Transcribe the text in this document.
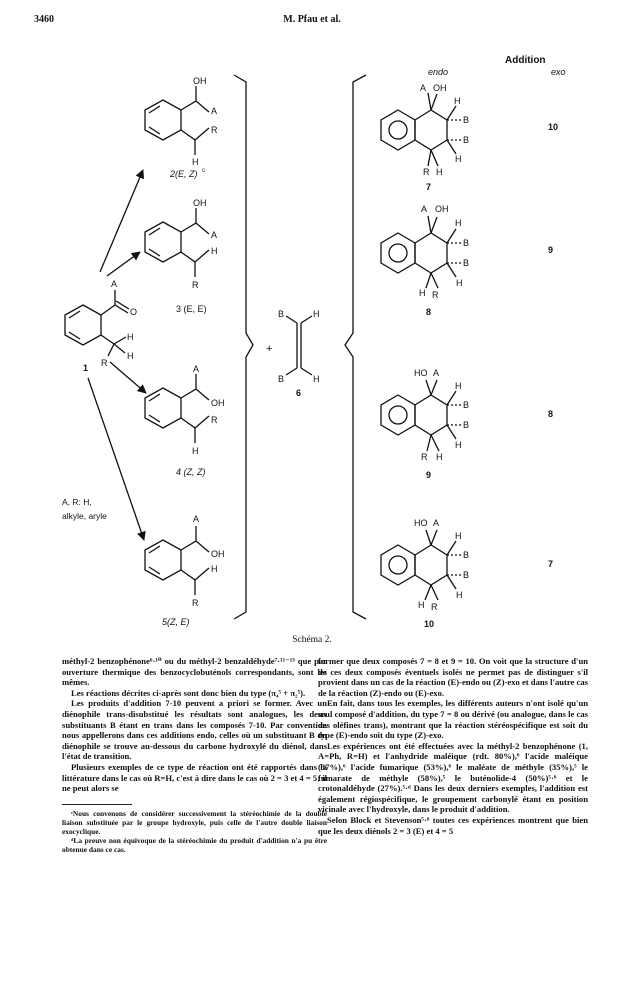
3460	M. Pfau et al.
OH
A
R
H
2(E, Z) c
OH
A
H
R
3 (E, E)
A
O
H
H
R
1	A
OH
R
H
4 (Z, Z)
A
OH
H
R
5(Z, E)
A, R: H,
alkyle, aryle
+
B	H
B	H
6
Addition
endo	exo
A OH
H
B
B
H
R H
7
10
A OH
H
B
B
H
H R
8
9
HO A
H
B
B
H
R H
9
8
HO A
H
B
B
H
H R
10
7
Schéma 2.

méthyl-2 benzophénone⁶·¹⁰ ou du méthyl-2 benzaldéhyde⁷·¹¹⁻¹³ que par ouverture thermique des benzocyclobuténols correspondants, sont les mêmes.

Les réactions décrites ci-après sont donc bien du type (π₄⁵ + π₂⁵).

Les produits d'addition 7-10 peuvent a priori se former. Avec un diénophile trans-disubstitué les résultats sont analogues, les deux substituants B étant en trans dans les composés 7-10. Par convention nous appellerons dans ces additions endo, celles où un substituant B du diénophile se trouve au-dessous du carbone hydroxylé du diénol, dans l'état de transition.

Plusieurs exemples de ce type de réaction ont été rapportés dans la littérature dans le cas où R=H, c'est à dire dans le cas où 2 = 3 et 4 = 5; il ne peut alors se

ᶜNous convenons de considérer successivement la stéréochimie de la double liaison substituée par le groupe hydroxyle, puis celle de l'autre double liaison exocyclique.

ᵈLa preuve non équivoque de la stéréochimie du produit d'addition n'a pu être obtenue dans ce cas.

former que deux composés 7 = 8 et 9 = 10. On voit que la structure d'un de ces deux composés éventuels isolés ne permet pas de distinguer s'il provient dans un cas de la réaction (E)-endo ou (Z)-exo et dans l'autre cas de la réaction (Z)-endo ou (E)-exo.

En fait, dans tous les exemples, les différents auteurs n'ont isolé qu'un seul composé d'addition, du type 7 = 8 ou dérivé (ou analogue, dans le cas des oléfines trans), montrant que la réaction stéréospécifique est soit du type (E)-endo soit du type (Z)-exo.

Les expériences ont été effectuées avec la méthyl-2 benzophénone (1, A=Ph, R=H) et l'anhydride maléique (rdt. 80%),⁶ l'acide maléique (37%),⁶ l'acide fumarique (53%),⁶ le maléate de méthyle (35%),⁵ le fumarate de méthyle (58%),⁵ le buténolide-4 (50%)⁵·⁶ et le crotonaldéhyde (27%).⁵·ᵈ Dans les deux derniers exemples, l'addition est également régiospécifique, le groupement carbonylé étant en position vicinale avec l'hydroxyle, dans le produit d'addition.

Selon Block et Stevenson⁵·⁶ toutes ces expériences montrent que bien que les deux diénols 2 = 3 (E) et 4 = 5
